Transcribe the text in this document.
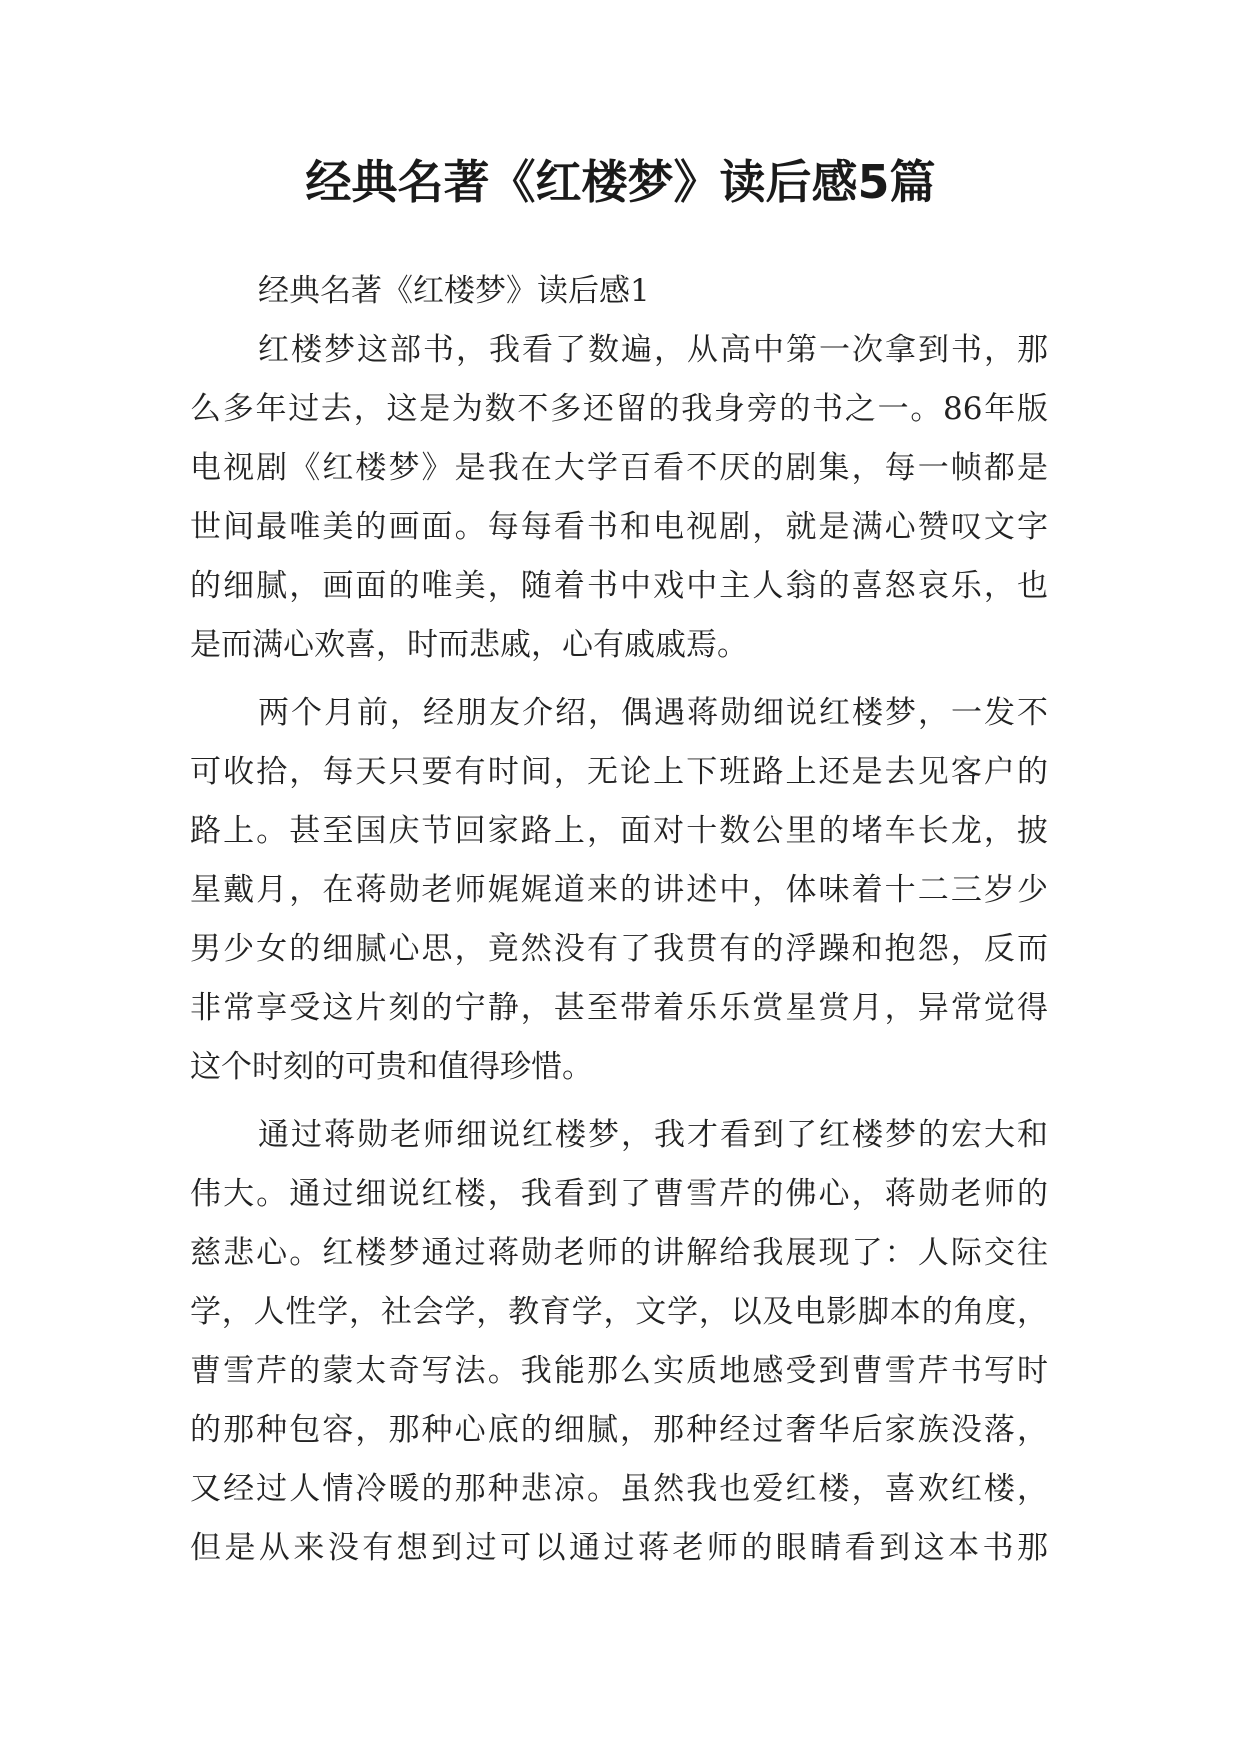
经典名著《红楼梦》读后感5篇
经典名著《红楼梦》读后感1
红楼梦这部书，我看了数遍，从高中第一次拿到书，那
么多年过去，这是为数不多还留的我身旁的书之一。86年版
电视剧《红楼梦》是我在大学百看不厌的剧集，每一帧都是
世间最唯美的画面。每每看书和电视剧，就是满心赞叹文字
的细腻，画面的唯美，随着书中戏中主人翁的喜怒哀乐，也
是而满心欢喜，时而悲戚，心有戚戚焉。
两个月前，经朋友介绍，偶遇蒋勋细说红楼梦，一发不
可收拾，每天只要有时间，无论上下班路上还是去见客户的
路上。甚至国庆节回家路上，面对十数公里的堵车长龙，披
星戴月，在蒋勋老师娓娓道来的讲述中，体味着十二三岁少
男少女的细腻心思，竟然没有了我贯有的浮躁和抱怨，反而
非常享受这片刻的宁静，甚至带着乐乐赏星赏月，异常觉得
这个时刻的可贵和值得珍惜。
通过蒋勋老师细说红楼梦，我才看到了红楼梦的宏大和
伟大。通过细说红楼，我看到了曹雪芹的佛心，蒋勋老师的
慈悲心。红楼梦通过蒋勋老师的讲解给我展现了：人际交往
学，人性学，社会学，教育学，文学，以及电影脚本的角度，
曹雪芹的蒙太奇写法。我能那么实质地感受到曹雪芹书写时
的那种包容，那种心底的细腻，那种经过奢华后家族没落，
又经过人情冷暖的那种悲凉。虽然我也爱红楼，喜欢红楼，
但是从来没有想到过可以通过蒋老师的眼睛看到这本书那
